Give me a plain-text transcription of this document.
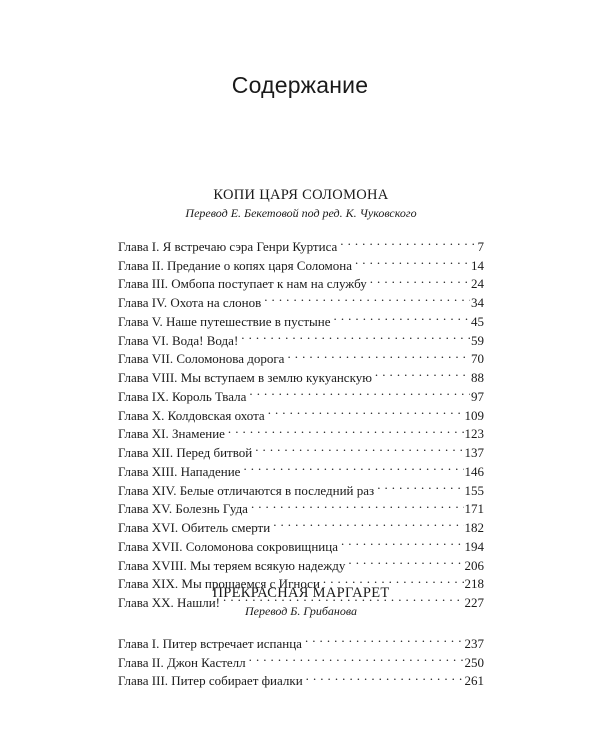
Содержание
КОПИ ЦАРЯ СОЛОМОНА
Перевод Е. Бекетовой под ред. К. Чуковского
Глава I. Я встречаю сэра Генри Куртиса . . .	7
Глава II. Предание о копях царя Соломона . . .	14
Глава III. Омбопа поступает к нам на службу . . .	24
Глава IV. Охота на слонов . . .	34
Глава V. Наше путешествие в пустыне . . .	45
Глава VI. Вода! Вода! . . .	59
Глава VII. Соломонова дорога . . .	70
Глава VIII. Мы вступаем в землю кукуанскую . . .	88
Глава IX. Король Твала . . .	97
Глава X. Колдовская охота . . .	109
Глава XI. Знамение . . .	123
Глава XII. Перед битвой . . .	137
Глава XIII. Нападение . . .	146
Глава XIV. Белые отличаются в последний раз . . .	155
Глава XV. Болезнь Гуда . . .	171
Глава XVI. Обитель смерти . . .	182
Глава XVII. Соломонова сокровищница . . .	194
Глава XVIII. Мы теряем всякую надежду . . .	206
Глава XIX. Мы прощаемся с Игноси . . .	218
Глава XX. Нашли! . . .	227
ПРЕКРАСНАЯ МАРГАРЕТ
Перевод Б. Грибанова
Глава I. Питер встречает испанца . . .	237
Глава II. Джон Кастелл . . .	250
Глава III. Питер собирает фиалки . . .	261
